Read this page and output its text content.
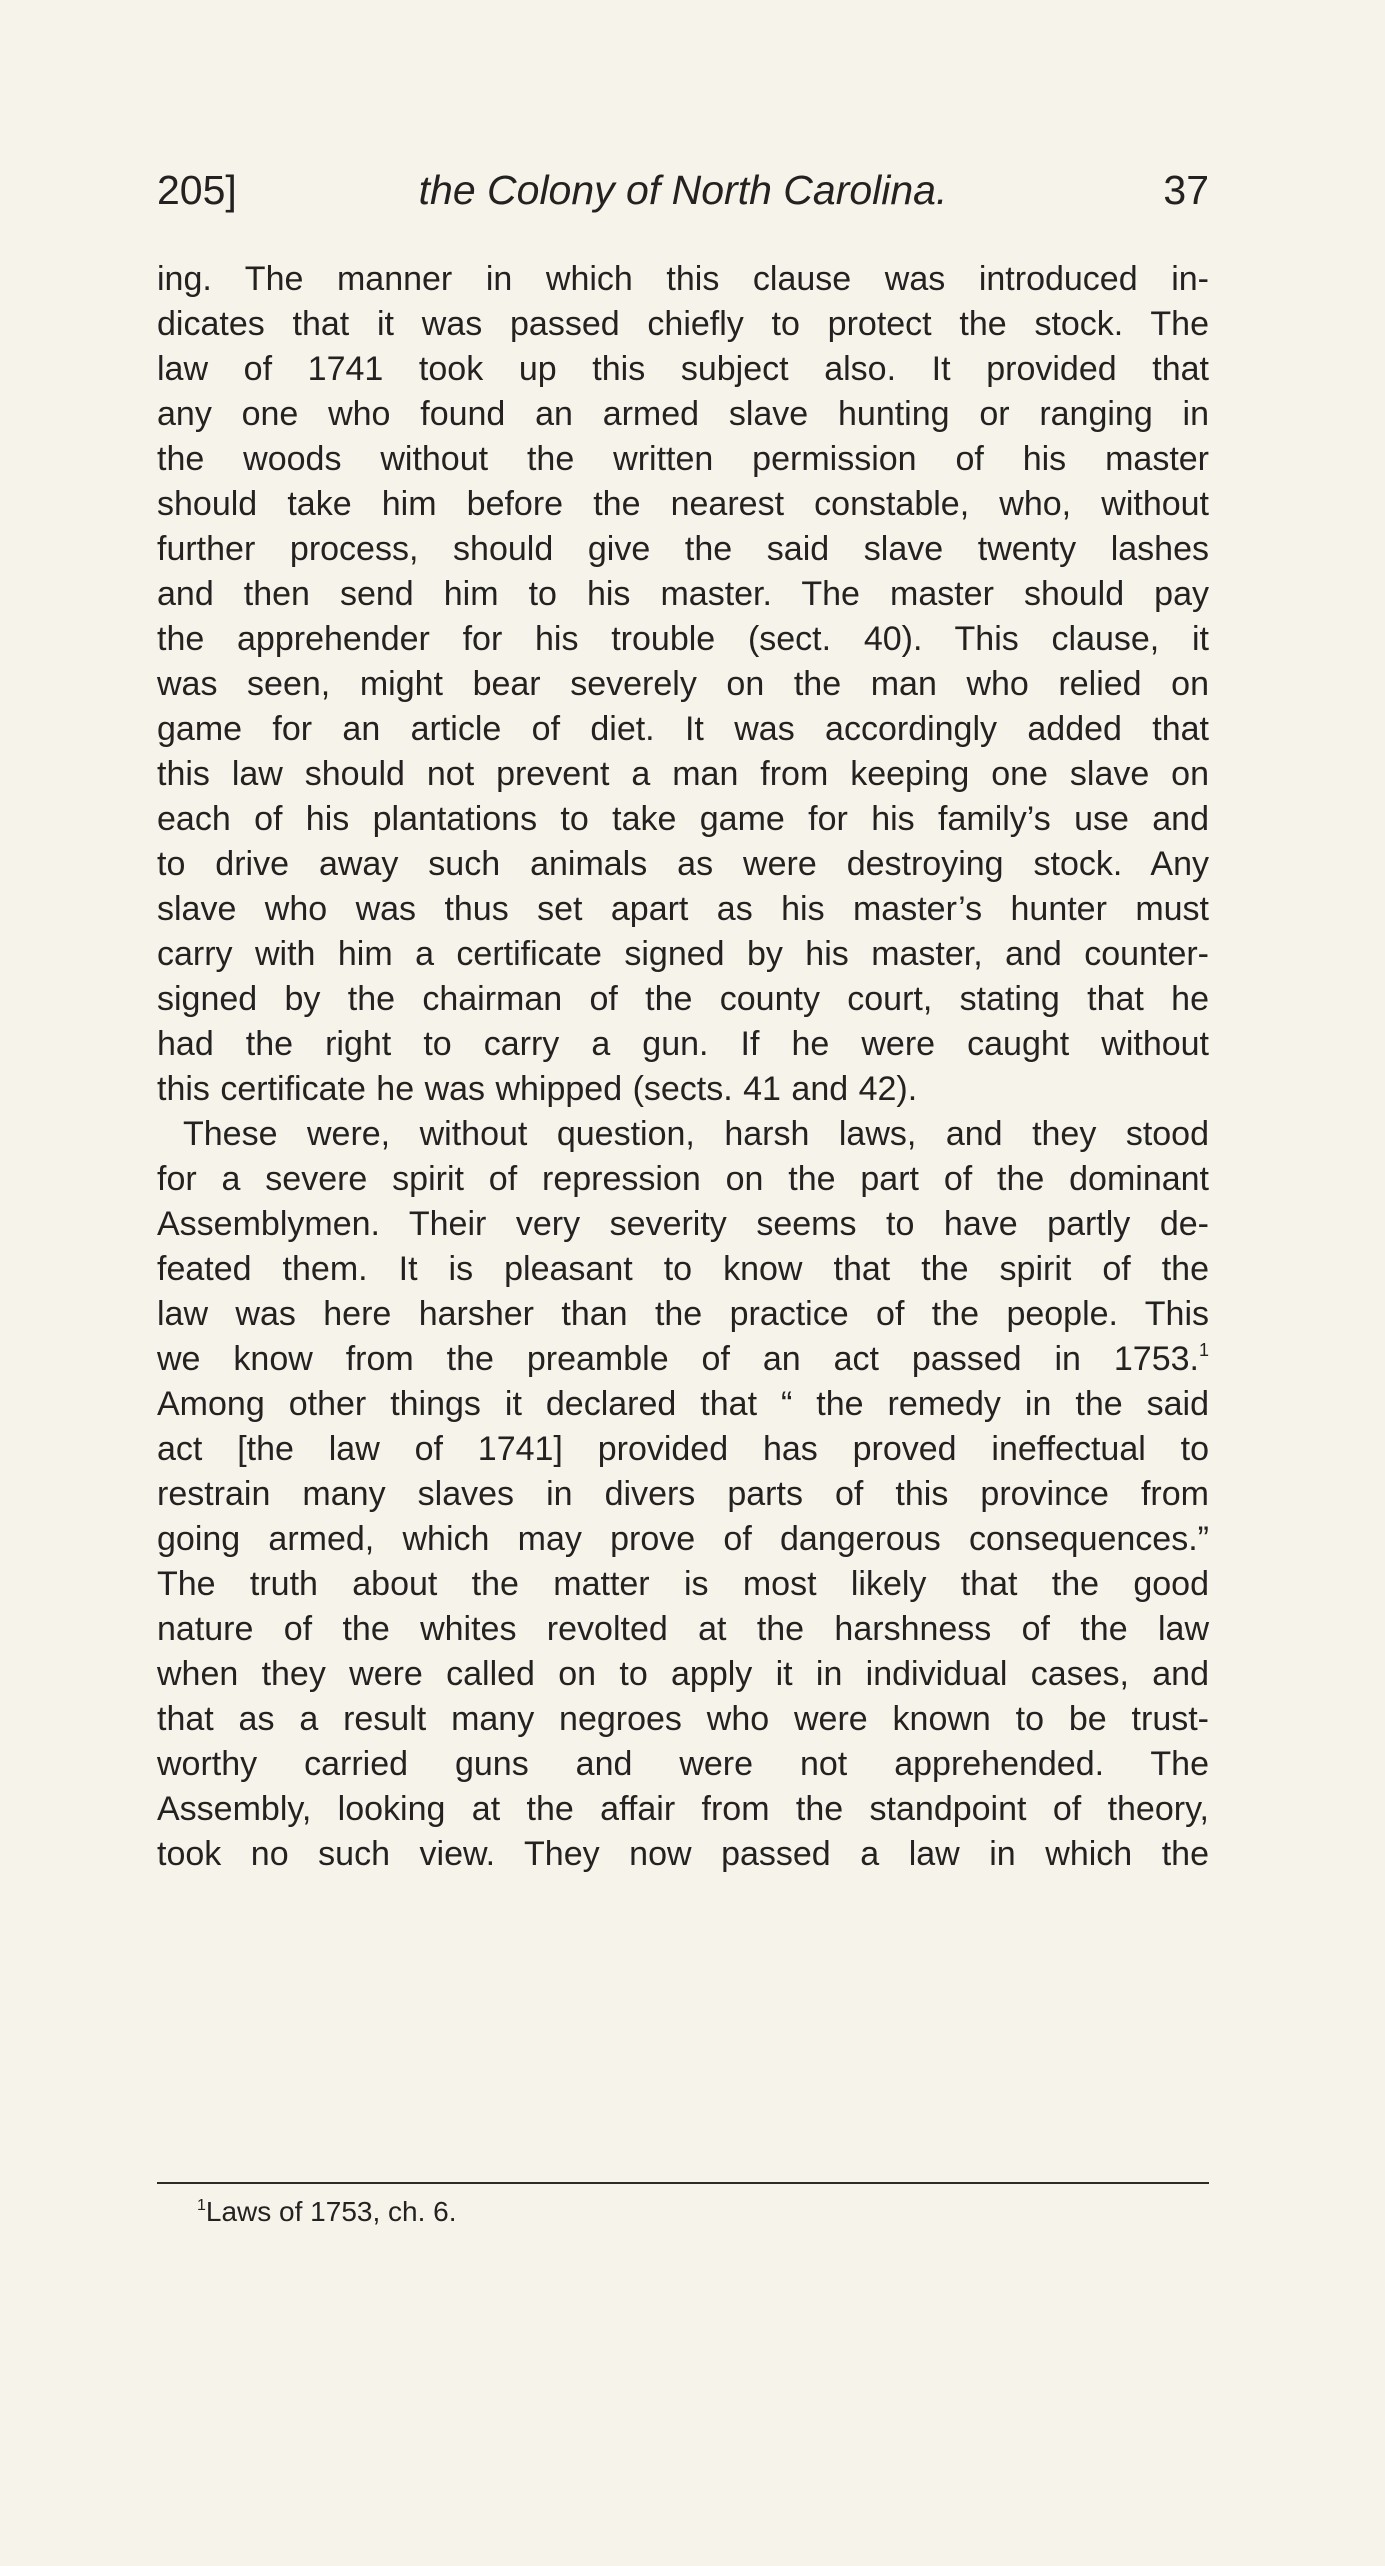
205]	the Colony of North Carolina.	37
ing. The manner in which this clause was introduced in-
dicates that it was passed chiefly to protect the stock. The
law of 1741 took up this subject also. It provided that
any one who found an armed slave hunting or ranging in
the woods without the written permission of his master
should take him before the nearest constable, who, without
further process, should give the said slave twenty lashes
and then send him to his master. The master should pay
the apprehender for his trouble (sect. 40). This clause, it
was seen, might bear severely on the man who relied on
game for an article of diet. It was accordingly added that
this law should not prevent a man from keeping one slave on
each of his plantations to take game for his family’s use and
to drive away such animals as were destroying stock. Any
slave who was thus set apart as his master’s hunter must
carry with him a certificate signed by his master, and counter-
signed by the chairman of the county court, stating that he
had the right to carry a gun. If he were caught without
this certificate he was whipped (sects. 41 and 42).
These were, without question, harsh laws, and they stood
for a severe spirit of repression on the part of the dominant
Assemblymen. Their very severity seems to have partly de-
feated them. It is pleasant to know that the spirit of the
law was here harsher than the practice of the people. This
we know from the preamble of an act passed in 1753.$^1$
Among other things it declared that “ the remedy in the said
act [the law of 1741] provided has proved ineffectual to
restrain many slaves in divers parts of this province from
going armed, which may prove of dangerous consequences.”
The truth about the matter is most likely that the good
nature of the whites revolted at the harshness of the law
when they were called on to apply it in individual cases, and
that as a result many negroes who were known to be trust-
worthy carried guns and were not apprehended. The
Assembly, looking at the affair from the standpoint of theory,
took no such view. They now passed a law in which the
$^1$Laws of 1753, ch. 6.
